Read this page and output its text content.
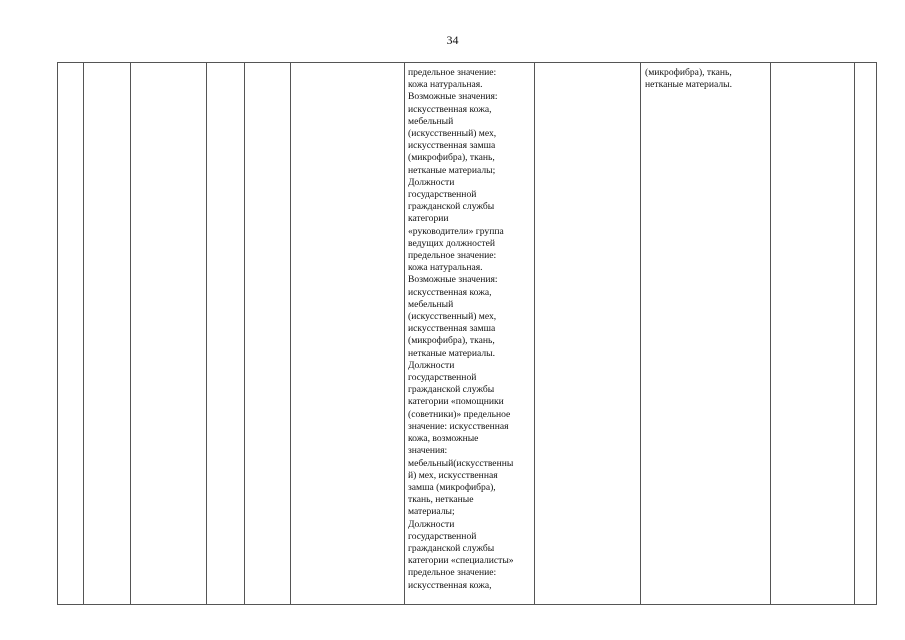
34

предельное значение:
кожа натуральная.
Возможные значения:
искусственная кожа,
мебельный
(искусственный) мех,
искусственная замша
(микрофибра), ткань,
нетканые материалы;
Должности
государственной
гражданской службы
категории
«руководители» группа
ведущих должностей
предельное значение:
кожа натуральная.
Возможные значения:
искусственная кожа,
мебельный
(искусственный) мех,
искусственная замша
(микрофибра), ткань,
нетканые материалы.
Должности
государственной
гражданской службы
категории «помощники
(советники)» предельное
значение: искусственная
кожа, возможные
значения:
мебельный(искусственны
й) мех, искусственная
замша (микрофибра),
ткань, нетканые
материалы;
Должности
государственной
гражданской службы
категории «специалисты»
предельное значение:
искусственная кожа,

(микрофибра), ткань,
нетканые материалы.
